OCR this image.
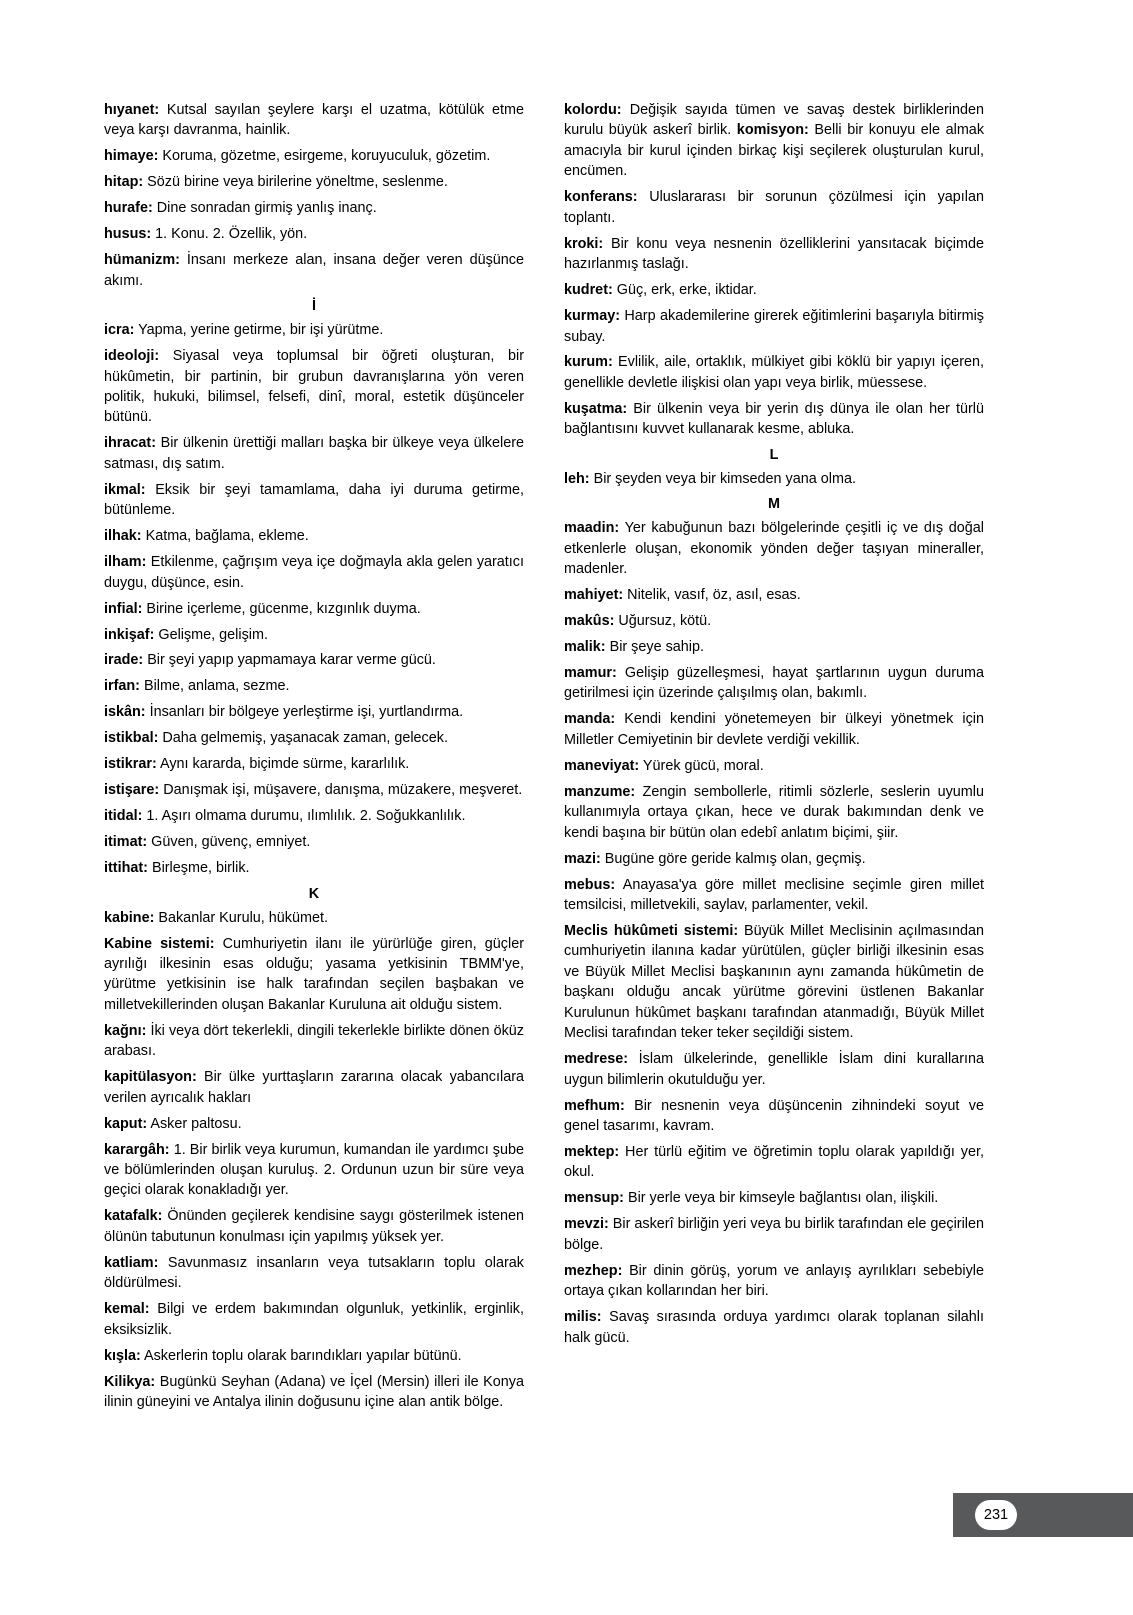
hıyanet: Kutsal sayılan şeylere karşı el uzatma, kötülük etme veya karşı davranma, hainlik.

himaye: Koruma, gözetme, esirgeme, koruyuculuk, gözetim.

hitap: Sözü birine veya birilerine yöneltme, seslenme.

hurafe: Dine sonradan girmiş yanlış inanç.

husus: 1. Konu. 2. Özellik, yön.

hümanizm: İnsanı merkeze alan, insana değer veren düşünce akımı.

İ

icra: Yapma, yerine getirme, bir işi yürütme.

ideoloji: Siyasal veya toplumsal bir öğreti oluşturan, bir hükûmetin, bir partinin, bir grubun davranışlarına yön veren politik, hukuki, bilimsel, felsefi, dinî, moral, estetik düşünceler bütünü.

ihracat: Bir ülkenin ürettiği malları başka bir ülkeye veya ülkelere satması, dış satım.

ikmal: Eksik bir şeyi tamamlama, daha iyi duruma getirme, bütünleme.

ilhak: Katma, bağlama, ekleme.

ilham: Etkilenme, çağrışım veya içe doğmayla akla gelen yaratıcı duygu, düşünce, esin.

infial: Birine içerleme, gücenme, kızgınlık duyma.

inkişaf: Gelişme, gelişim.

irade: Bir şeyi yapıp yapmamaya karar verme gücü.

irfan: Bilme, anlama, sezme.

iskân: İnsanları bir bölgeye yerleştirme işi, yurtlandırma.

istikbal: Daha gelmemiş, yaşanacak zaman, gelecek.

istikrar: Aynı kararda, biçimde sürme, kararlılık.

istişare: Danışmak işi, müşavere, danışma, müzakere, meşveret.

itidal: 1. Aşırı olmama durumu, ılımlılık. 2. Soğukkanlılık.

itimat: Güven, güvenç, emniyet.

ittihat: Birleşme, birlik.

K

kabine: Bakanlar Kurulu, hükümet.

Kabine sistemi: Cumhuriyetin ilanı ile yürürlüğe giren, güçler ayrılığı ilkesinin esas olduğu; yasama yetkisinin TBMM'ye, yürütme yetkisinin ise halk tarafından seçilen başbakan ve milletvekillerinden oluşan Bakanlar Kuruluna ait olduğu sistem.

kağnı: İki veya dört tekerlekli, dingili tekerlekle birlikte dönen öküz arabası.

kapitülasyon: Bir ülke yurttaşların zararına olacak yabancılara verilen ayrıcalık hakları

kaput: Asker paltosu.

karargâh: 1. Bir birlik veya kurumun, kumandan ile yardımcı şube ve bölümlerinden oluşan kuruluş. 2. Ordunun uzun bir süre veya geçici olarak konakladığı yer.

katafalk: Önünden geçilerek kendisine saygı gösterilmek istenen ölünün tabutunun konulması için yapılmış yüksek yer.

katliam: Savunmasız insanların veya tutsakların toplu olarak öldürülmesi.

kemal: Bilgi ve erdem bakımından olgunluk, yetkinlik, erginlik, eksiksizlik.

kışla: Askerlerin toplu olarak barındıkları yapılar bütünü.

Kilikya: Bugünkü Seyhan (Adana) ve İçel (Mersin) illeri ile Konya ilinin güneyini ve Antalya ilinin doğusunu içine alan antik bölge.

kolordu: Değişik sayıda tümen ve savaş destek birliklerinden kurulu büyük askerî birlik. komisyon: Belli bir konuyu ele almak amacıyla bir kurul içinden birkaç kişi seçilerek oluşturulan kurul, encümen.

konferans: Uluslararası bir sorunun çözülmesi için yapılan toplantı.

kroki: Bir konu veya nesnenin özelliklerini yansıtacak biçimde hazırlanmış taslağı.

kudret: Güç, erk, erke, iktidar.

kurmay: Harp akademilerine girerek eğitimlerini başarıyla bitirmiş subay.

kurum: Evlilik, aile, ortaklık, mülkiyet gibi köklü bir yapıyı içeren, genellikle devletle ilişkisi olan yapı veya birlik, müessese.

kuşatma: Bir ülkenin veya bir yerin dış dünya ile olan her türlü bağlantısını kuvvet kullanarak kesme, abluka.

L

leh: Bir şeyden veya bir kimseden yana olma.

M

maadin: Yer kabuğunun bazı bölgelerinde çeşitli iç ve dış doğal etkenlerle oluşan, ekonomik yönden değer taşıyan mineraller, madenler.

mahiyet: Nitelik, vasıf, öz, asıl, esas.

makûs: Uğursuz, kötü.

malik: Bir şeye sahip.

mamur: Gelişip güzelleşmesi, hayat şartlarının uygun duruma getirilmesi için üzerinde çalışılmış olan, bakımlı.

manda: Kendi kendini yönetemeyen bir ülkeyi yönetmek için Milletler Cemiyetinin bir devlete verdiği vekillik.

maneviyat: Yürek gücü, moral.

manzume: Zengin sembollerle, ritimli sözlerle, seslerin uyumlu kullanımıyla ortaya çıkan, hece ve durak bakımından denk ve kendi başına bir bütün olan edebî anlatım biçimi, şiir.

mazi: Bugüne göre geride kalmış olan, geçmiş.

mebus: Anayasa'ya göre millet meclisine seçimle giren millet temsilcisi, milletvekili, saylav, parlamenter, vekil.

Meclis hükûmeti sistemi: Büyük Millet Meclisinin açılmasından cumhuriyetin ilanına kadar yürütülen, güçler birliği ilkesinin esas ve Büyük Millet Meclisi başkanının aynı zamanda hükûmetin de başkanı olduğu ancak yürütme görevini üstlenen Bakanlar Kurulunun hükûmet başkanı tarafından atanmadığı, Büyük Millet Meclisi tarafından teker teker seçildiği sistem.

medrese: İslam ülkelerinde, genellikle İslam dini kurallarına uygun bilimlerin okutulduğu yer.

mefhum: Bir nesnenin veya düşüncenin zihnindeki soyut ve genel tasarımı, kavram.

mektep: Her türlü eğitim ve öğretimin toplu olarak yapıldığı yer, okul.

mensup: Bir yerle veya bir kimseyle bağlantısı olan, ilişkili.

mevzi: Bir askerî birliğin yeri veya bu birlik tarafından ele geçirilen bölge.

mezhep: Bir dinin görüş, yorum ve anlayış ayrılıkları sebebiyle ortaya çıkan kollarından her biri.

milis: Savaş sırasında orduya yardımcı olarak toplanan silahlı halk gücü.

231
